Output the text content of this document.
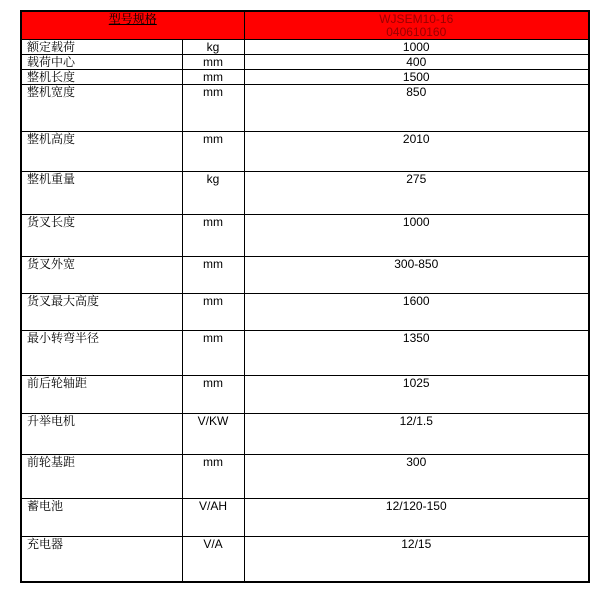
型号规格		WJSEM10-16
040610160

额定载荷	kg	1000
载荷中心	mm	400
整机长度	mm	1500
整机宽度	mm	850
整机高度	mm	2010
整机重量	kg	275
货叉长度	mm	1000
货叉外宽	mm	300-850
货叉最大高度	mm	1600
最小转弯半径	mm	1350
前后轮轴距	mm	1025
升举电机	V/KW	12/1.5
前轮基距	mm	300
蓄电池	V/AH	12/120-150
充电器	V/A	12/15
